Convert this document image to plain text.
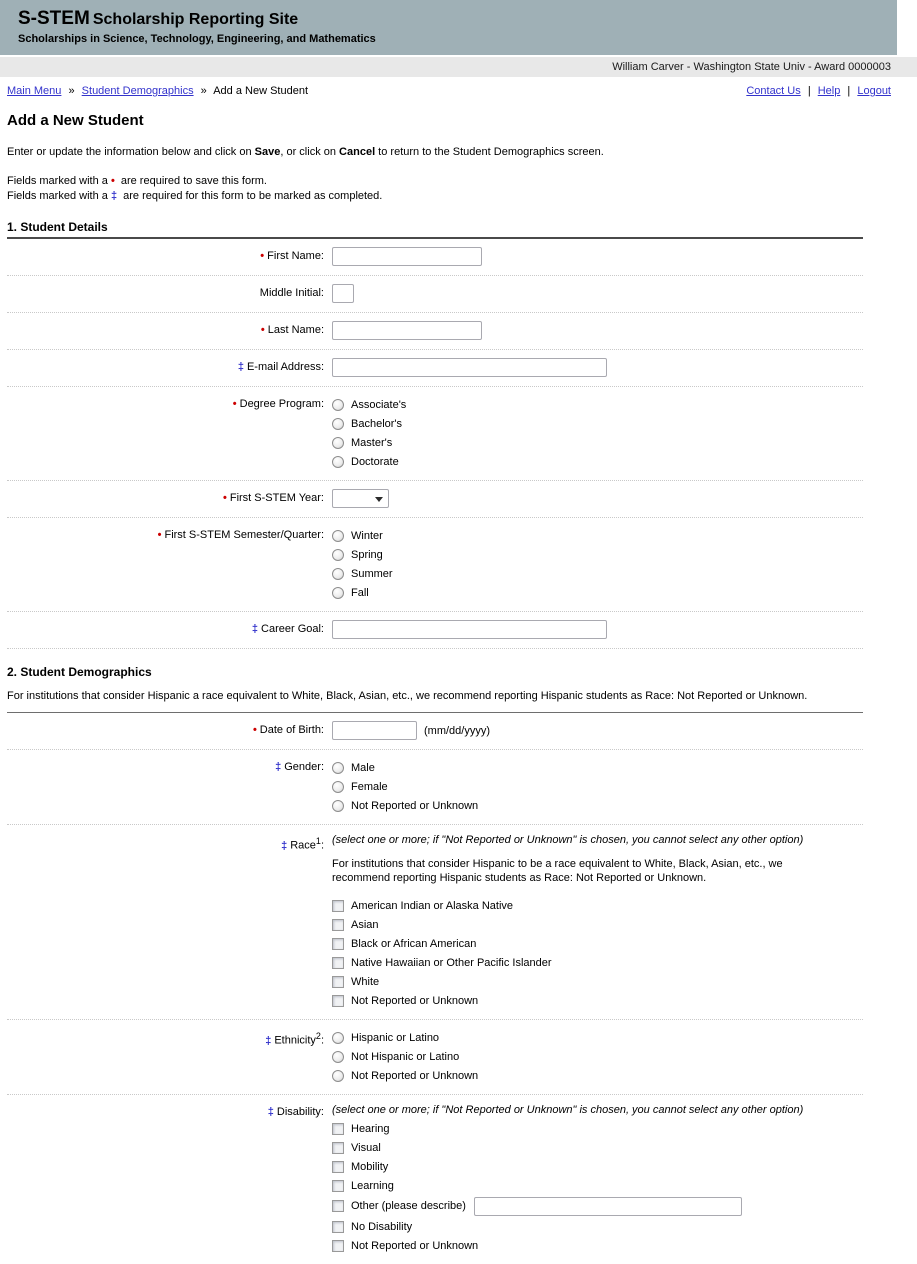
S-STEM Scholarship Reporting Site
Scholarships in Science, Technology, Engineering, and Mathematics
William Carver - Washington State Univ - Award 0000003
Main Menu » Student Demographics » Add a New Student	Contact Us | Help | Logout
Add a New Student

Enter or update the information below and click on Save, or click on Cancel to return to the Student Demographics screen.

Fields marked with a • are required to save this form.
Fields marked with a ‡ are required for this form to be marked as completed.
1. Student Details
• First Name:
Middle Initial:
• Last Name:
‡ E-mail Address:
• Degree Program:	Associate's
Bachelor's
Master's
Doctorate
• First S-STEM Year:
• First S-STEM Semester/Quarter:	Winter
Spring
Summer
Fall
‡ Career Goal:
2. Student Demographics

For institutions that consider Hispanic a race equivalent to White, Black, Asian, etc., we recommend reporting Hispanic students as Race: Not Reported or Unknown.

• Date of Birth:	(mm/dd/yyyy)
‡ Gender:	Male
Female
Not Reported or Unknown
‡ Race$^1$: (select one or more; if "Not Reported or Unknown" is chosen, you cannot select any other option)
For institutions that consider Hispanic to be a race equivalent to White, Black, Asian, etc., we recommend reporting Hispanic students as Race: Not Reported or Unknown.
American Indian or Alaska Native
Asian
Black or African American
Native Hawaiian or Other Pacific Islander
White
Not Reported or Unknown
‡ Ethnicity$^2$:	Hispanic or Latino
Not Hispanic or Latino
Not Reported or Unknown
‡ Disability: (select one or more; if "Not Reported or Unknown" is chosen, you cannot select any other option)
Hearing
Visual
Mobility
Learning
Other (please describe)
No Disability
Not Reported or Unknown
